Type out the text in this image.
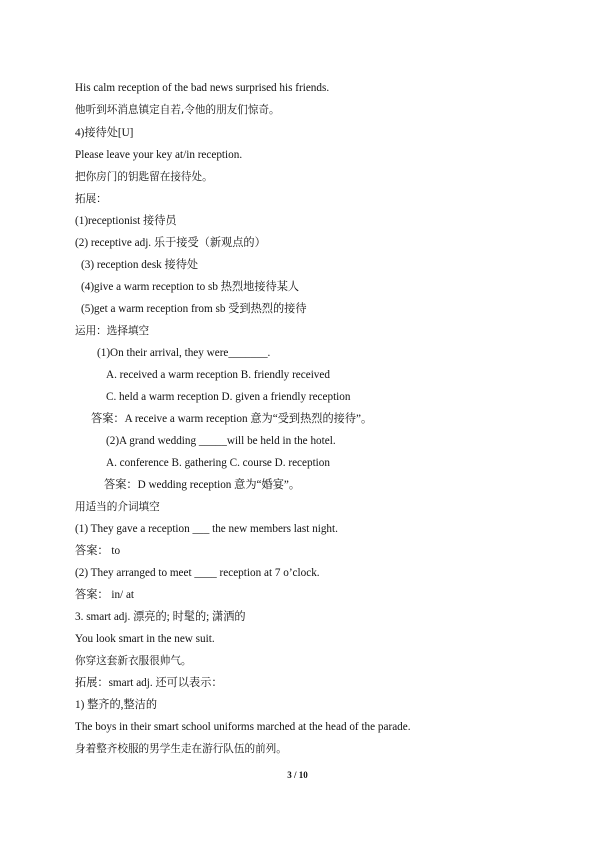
His calm reception of the bad news surprised his friends.
他听到坏消息镇定自若,令他的朋友们惊奇。
4)接待处[U]
Please leave your key at/in reception.
把你房门的钥匙留在接待处。
拓展：
(1)receptionist 接待员
(2) receptive adj. 乐于接受（新观点的）
(3) reception desk 接待处
(4)give a warm reception to sb 热烈地接待某人
(5)get a warm reception from sb 受到热烈的接待
运用：选择填空
(1)On their arrival, they were_______.
A. received a warm reception B. friendly received
C. held a warm reception D. given a friendly reception
答案：A receive a warm reception 意为“受到热烈的接待”。
(2)A grand wedding _____will be held in the hotel.
A. conference B. gathering C. course D. reception
答案：D wedding reception 意为“婚宴”。
用适当的介词填空
(1) They gave a reception ___ the new members last night.
答案： to
(2) They arranged to meet ____ reception at 7 o’clock.
答案： in/ at
3. smart adj. 漂亮的; 时髦的; 潇洒的
You look smart in the new suit.
你穿这套新衣服很帅气。
拓展：smart adj. 还可以表示：
1) 整齐的,整洁的
The boys in their smart school uniforms marched at the head of the parade.
身着整齐校服的男学生走在游行队伍的前列。
3 / 10
